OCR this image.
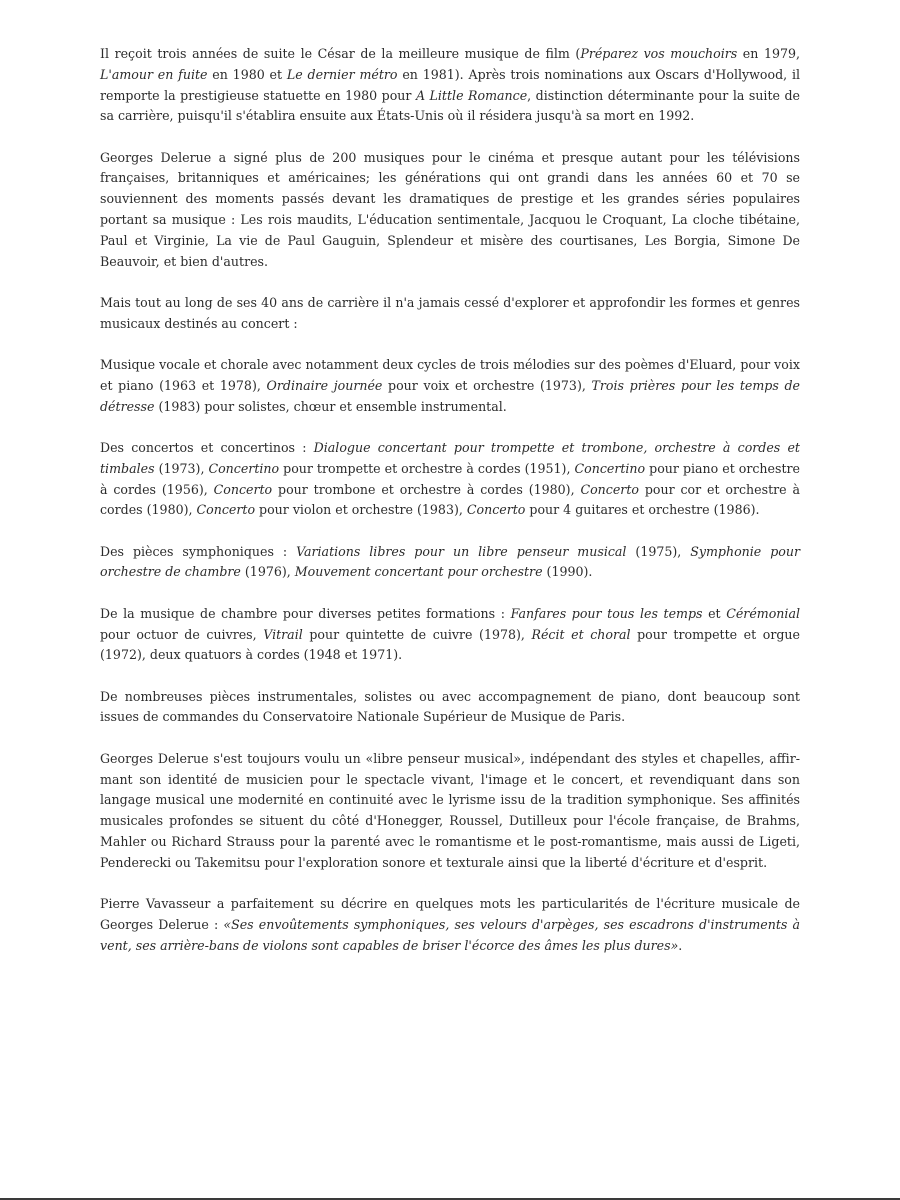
Il reçoit trois années de suite le César de la meilleure musique de film (Préparez vos mouchoirs en 1979, L'amour en fuite en 1980 et Le dernier métro en 1981). Après trois nominations aux Oscars d'Hollywood, il remporte la prestigieuse statuette en 1980 pour A Little Romance, distinction déterminante pour la suite de sa carrière, puisqu'il s'établira ensuite aux États-Unis où il résidera jusqu'à sa mort en 1992.

Georges Delerue a signé plus de 200 musiques pour le cinéma et presque autant pour les télévisions françaises, britanniques et américaines; les générations qui ont grandi dans les années 60 et 70 se souviennent des moments passés devant les dramatiques de prestige et les grandes séries populaires portant sa musique : Les rois maudits, L'éducation sentimentale, Jacquou le Croquant, La cloche tibétaine, Paul et Virginie, La vie de Paul Gauguin, Splendeur et misère des courtisanes, Les Borgia, Simone De Beauvoir, et bien d'autres.

Mais tout au long de ses 40 ans de carrière il n'a jamais cessé d'explorer et approfondir les formes et genres musicaux destinés au concert :

Musique vocale et chorale avec notamment deux cycles de trois mélodies sur des poèmes d'Eluard, pour voix et piano (1963 et 1978), Ordinaire journée pour voix et orchestre (1973), Trois prières pour les temps de détresse (1983) pour solistes, chœur et ensemble instrumental.

Des concertos et concertinos : Dialogue concertant pour trompette et trombone, orchestre à cordes et timbales (1973), Concertino pour trompette et orchestre à cordes (1951), Concertino pour piano et orchestre à cordes (1956), Concerto pour trombone et orchestre à cordes (1980), Concerto pour cor et orchestre à cordes (1980), Concerto pour violon et orchestre (1983), Concerto pour 4 guitares et orchestre (1986).

Des pièces symphoniques : Variations libres pour un libre penseur musical (1975), Symphonie pour orchestre de chambre (1976), Mouvement concertant pour orchestre (1990).

De la musique de chambre pour diverses petites formations : Fanfares pour tous les temps et Cérémonial pour octuor de cuivres, Vitrail pour quintette de cuivre (1978), Récit et choral pour trompette et orgue (1972), deux quatuors à cordes (1948 et 1971).

De nombreuses pièces instrumentales, solistes ou avec accompagnement de piano, dont beaucoup sont issues de commandes du Conservatoire Nationale Supérieur de Musique de Paris.

Georges Delerue s'est toujours voulu un «libre penseur musical», indépendant des styles et chapelles, affirmant son identité de musicien pour le spectacle vivant, l'image et le concert, et revendiquant dans son langage musical une modernité en continuité avec le lyrisme issu de la tradition symphonique. Ses affinités musicales profondes se situent du côté d'Honegger, Roussel, Dutilleux pour l'école française, de Brahms, Mahler ou Richard Strauss pour la parenté avec le romantisme et le post-romantisme, mais aussi de Ligeti, Penderecki ou Takemitsu pour l'exploration sonore et texturale ainsi que la liberté d'écriture et d'esprit.

Pierre Vavasseur a parfaitement su décrire en quelques mots les particularités de l'écriture musicale de Georges Delerue : «Ses envoûtements symphoniques, ses velours d'arpèges, ses escadrons d'instruments à vent, ses arrière-bans de violons sont capables de briser l'écorce des âmes les plus dures».
